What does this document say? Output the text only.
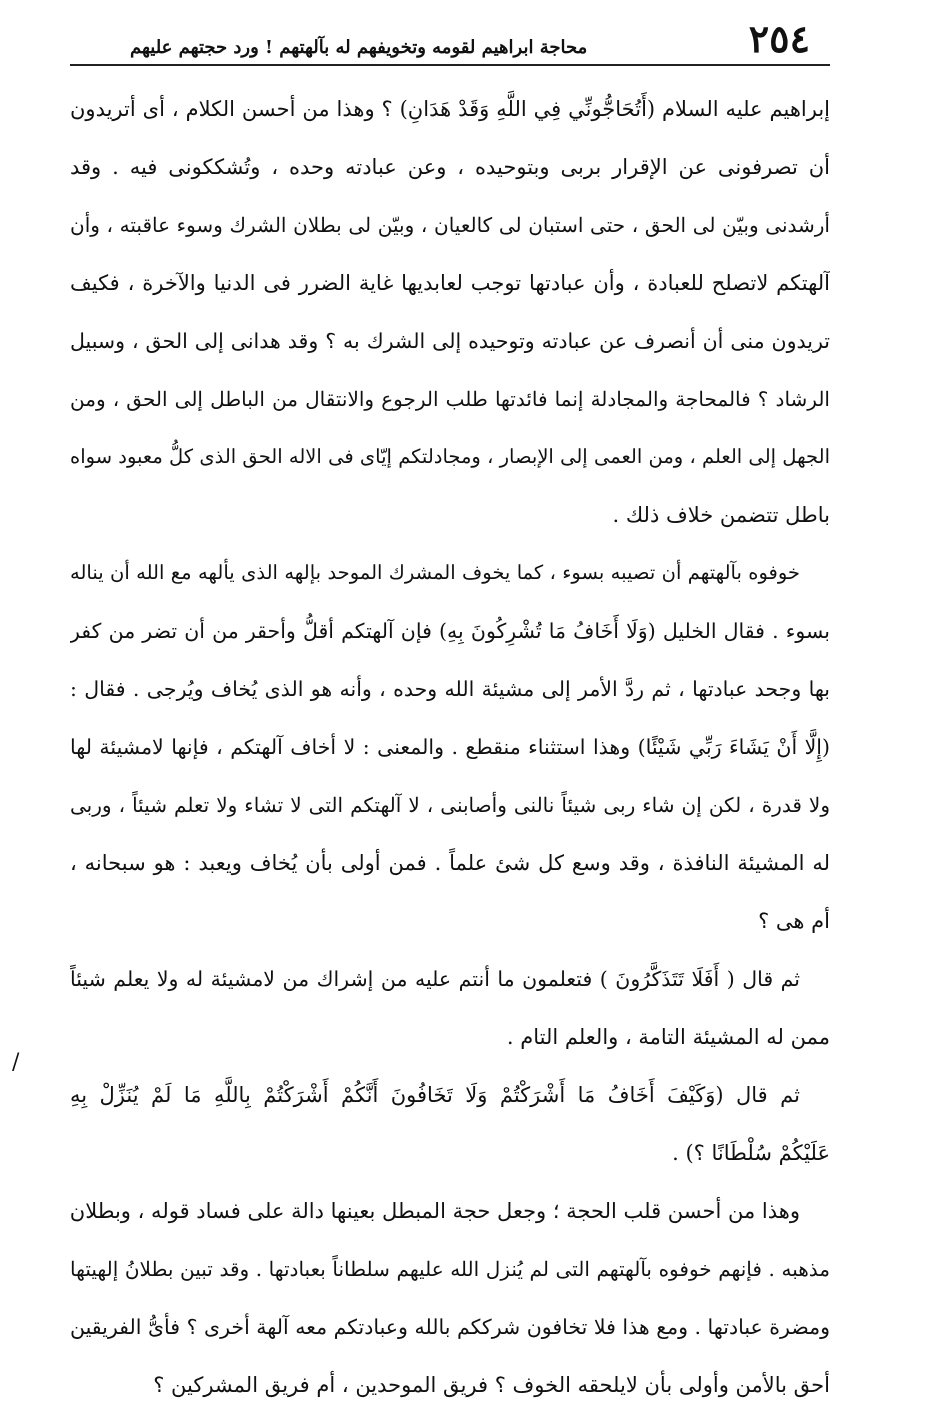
٢٥٤
محاجة ابراهيم لقومه وتخويفهم له بآلهتهم ! ورد حجتهم عليهم
إبراهيم عليه السلام (أَتُحَاجُّونِّي فِي اللَّهِ وَقَدْ هَدَانِ) ؟ وهذا من أحسن الكلام ، أى أتريدون
أن تصرفونى عن الإقرار بربى وبتوحيده ، وعن عبادته وحده ، وتُشككونى فيه . وقد
أرشدنى وبيّن لى الحق ، حتى استبان لى كالعيان ، وبيّن لى بطلان الشرك وسوء عاقبته ، وأن
آلهتكم لاتصلح للعبادة ، وأن عبادتها توجب لعابديها غاية الضرر فى الدنيا والآخرة ، فكيف
تريدون منى أن أنصرف عن عبادته وتوحيده إلى الشرك به ؟ وقد هدانى إلى الحق ، وسبيل
الرشاد ؟ فالمحاجة والمجادلة إنما فائدتها طلب الرجوع والانتقال من الباطل إلى الحق ، ومن
الجهل إلى العلم ، ومن العمى إلى الإبصار ، ومجادلتكم إيّاى فى الاله الحق الذى كلُّ معبود سواه
باطل تتضمن خلاف ذلك .
خوفوه بآلهتهم أن تصيبه بسوء ، كما يخوف المشرك الموحد بإلهه الذى يألهه مع الله أن يناله
بسوء . فقال الخليل (وَلَا أَخَافُ مَا تُشْرِكُونَ بِهِ) فإن آلهتكم أقلُّ وأحقر من أن تضر من كفر
بها وجحد عبادتها ، ثم ردَّ الأمر إلى مشيئة الله وحده ، وأنه هو الذى يُخاف ويُرجى . فقال :
(إِلَّا أَنْ يَشَاءَ رَبِّي شَيْئًا) وهذا استثناء منقطع . والمعنى : لا أخاف آلهتكم ، فإنها لامشيئة لها
ولا قدرة ، لكن إن شاء ربى شيئاً نالنى وأصابنى ، لا آلهتكم التى لا تشاء ولا تعلم شيئاً ، وربى
له المشيئة النافذة ، وقد وسع كل شئ علماً . فمن أولى بأن يُخاف ويعبد : هو سبحانه ،
أم هى ؟
ثم قال ( أَفَلَا تَتَذَكَّرُونَ ) فتعلمون ما أنتم عليه من إشراك من لامشيئة له ولا يعلم شيئاً
ممن له المشيئة التامة ، والعلم التام .
ثم قال (وَكَيْفَ أَخَافُ مَا أَشْرَكْتُمْ وَلَا تَخَافُونَ أَنَّكُمْ أَشْرَكْتُمْ بِاللَّهِ مَا لَمْ يُنَزِّلْ بِهِ
عَلَيْكُمْ سُلْطَانًا ؟) .
وهذا من أحسن قلب الحجة ؛ وجعل حجة المبطل بعينها دالة على فساد قوله ، وبطلان
مذهبه . فإنهم خوفوه بآلهتهم التى لم يُنزل الله عليهم سلطاناً بعبادتها . وقد تبين بطلانُ إلهيتها
ومضرة عبادتها . ومع هذا فلا تخافون شرككم بالله وعبادتكم معه آلهة أخرى ؟ فأىُّ الفريقين
أحق بالأمن وأولى بأن لايلحقه الخوف ؟ فريق الموحدين ، أم فريق المشركين ؟
/
